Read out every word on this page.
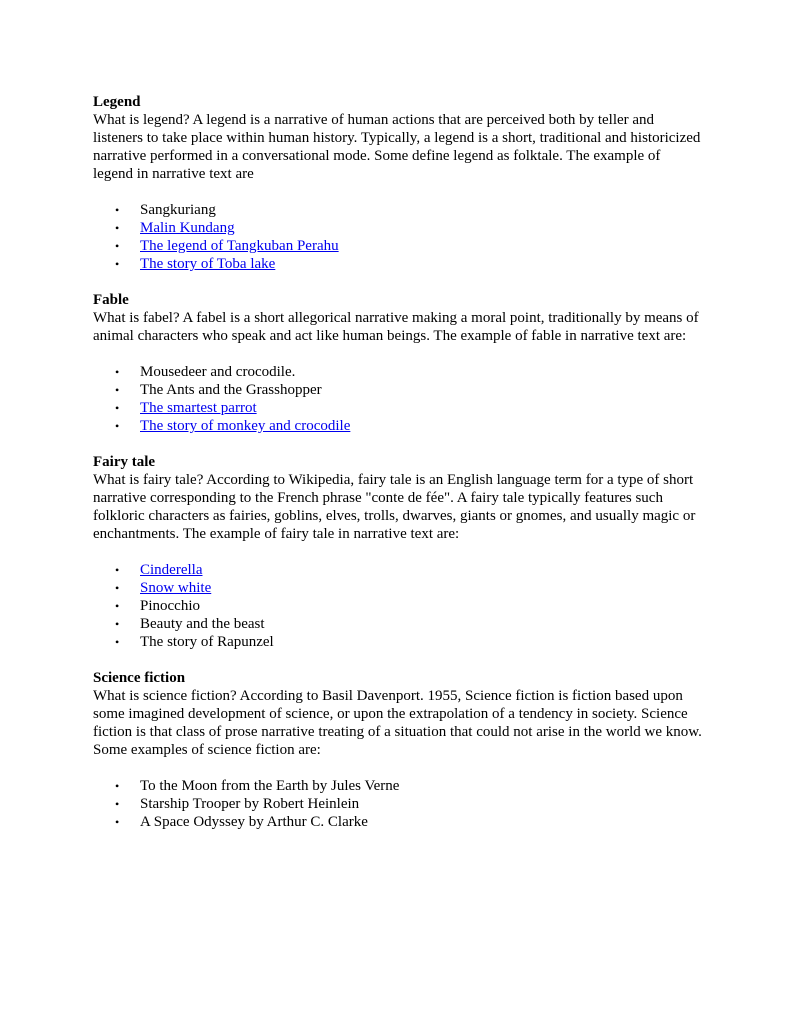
Legend

What is legend? A legend is a narrative of human actions that are perceived both by teller and listeners to take place within human history. Typically, a legend is a short, traditional and historicized narrative performed in a conversational mode. Some define legend as folktale. The example of legend in narrative text are

• Sangkuriang
• Malin Kundang
• The legend of Tangkuban Perahu
• The story of Toba lake

Fable

What is fabel? A fabel is a short allegorical narrative making a moral point, traditionally by means of animal characters who speak and act like human beings. The example of fable in narrative text are:

• Mousedeer and crocodile.
• The Ants and the Grasshopper
• The smartest parrot
• The story of monkey and crocodile

Fairy tale

What is fairy tale? According to Wikipedia, fairy tale is an English language term for a type of short narrative corresponding to the French phrase "conte de fée". A fairy tale typically features such folkloric characters as fairies, goblins, elves, trolls, dwarves, giants or gnomes, and usually magic or enchantments. The example of fairy tale in narrative text are:

• Cinderella
• Snow white
• Pinocchio
• Beauty and the beast
• The story of Rapunzel

Science fiction

What is science fiction? According to Basil Davenport. 1955, Science fiction is fiction based upon some imagined development of science, or upon the extrapolation of a tendency in society. Science fiction is that class of prose narrative treating of a situation that could not arise in the world we know. Some examples of science fiction are:

• To the Moon from the Earth by Jules Verne
• Starship Trooper by Robert Heinlein
• A Space Odyssey by Arthur C. Clarke
